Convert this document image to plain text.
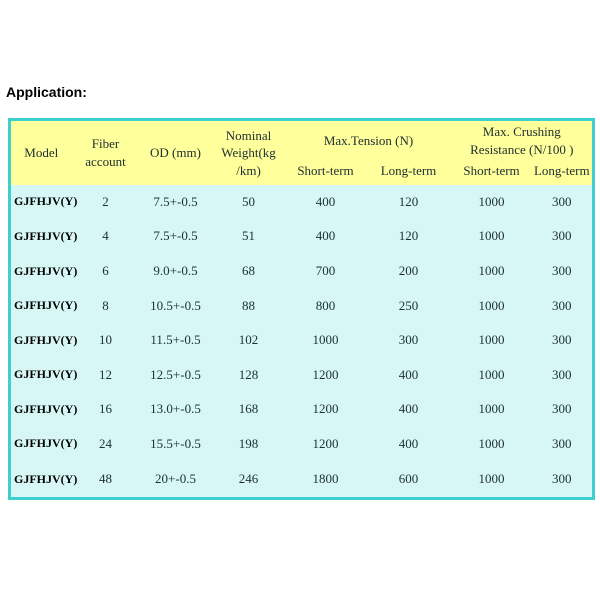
Application:
Model	Fiber account	OD (mm)	Nominal Weight(kg /km)	Max.Tension (N)		Max. Crushing Resistance (N/100 )	
				Short-term	Long-term	Short-term	Long-term
GJFHJV(Y)	2	7.5+-0.5	50	400	120	1000	300
GJFHJV(Y)	4	7.5+-0.5	51	400	120	1000	300
GJFHJV(Y)	6	9.0+-0.5	68	700	200	1000	300
GJFHJV(Y)	8	10.5+-0.5	88	800	250	1000	300
GJFHJV(Y)	10	11.5+-0.5	102	1000	300	1000	300
GJFHJV(Y)	12	12.5+-0.5	128	1200	400	1000	300
GJFHJV(Y)	16	13.0+-0.5	168	1200	400	1000	300
GJFHJV(Y)	24	15.5+-0.5	198	1200	400	1000	300
GJFHJV(Y)	48	20+-0.5	246	1800	600	1000	300
